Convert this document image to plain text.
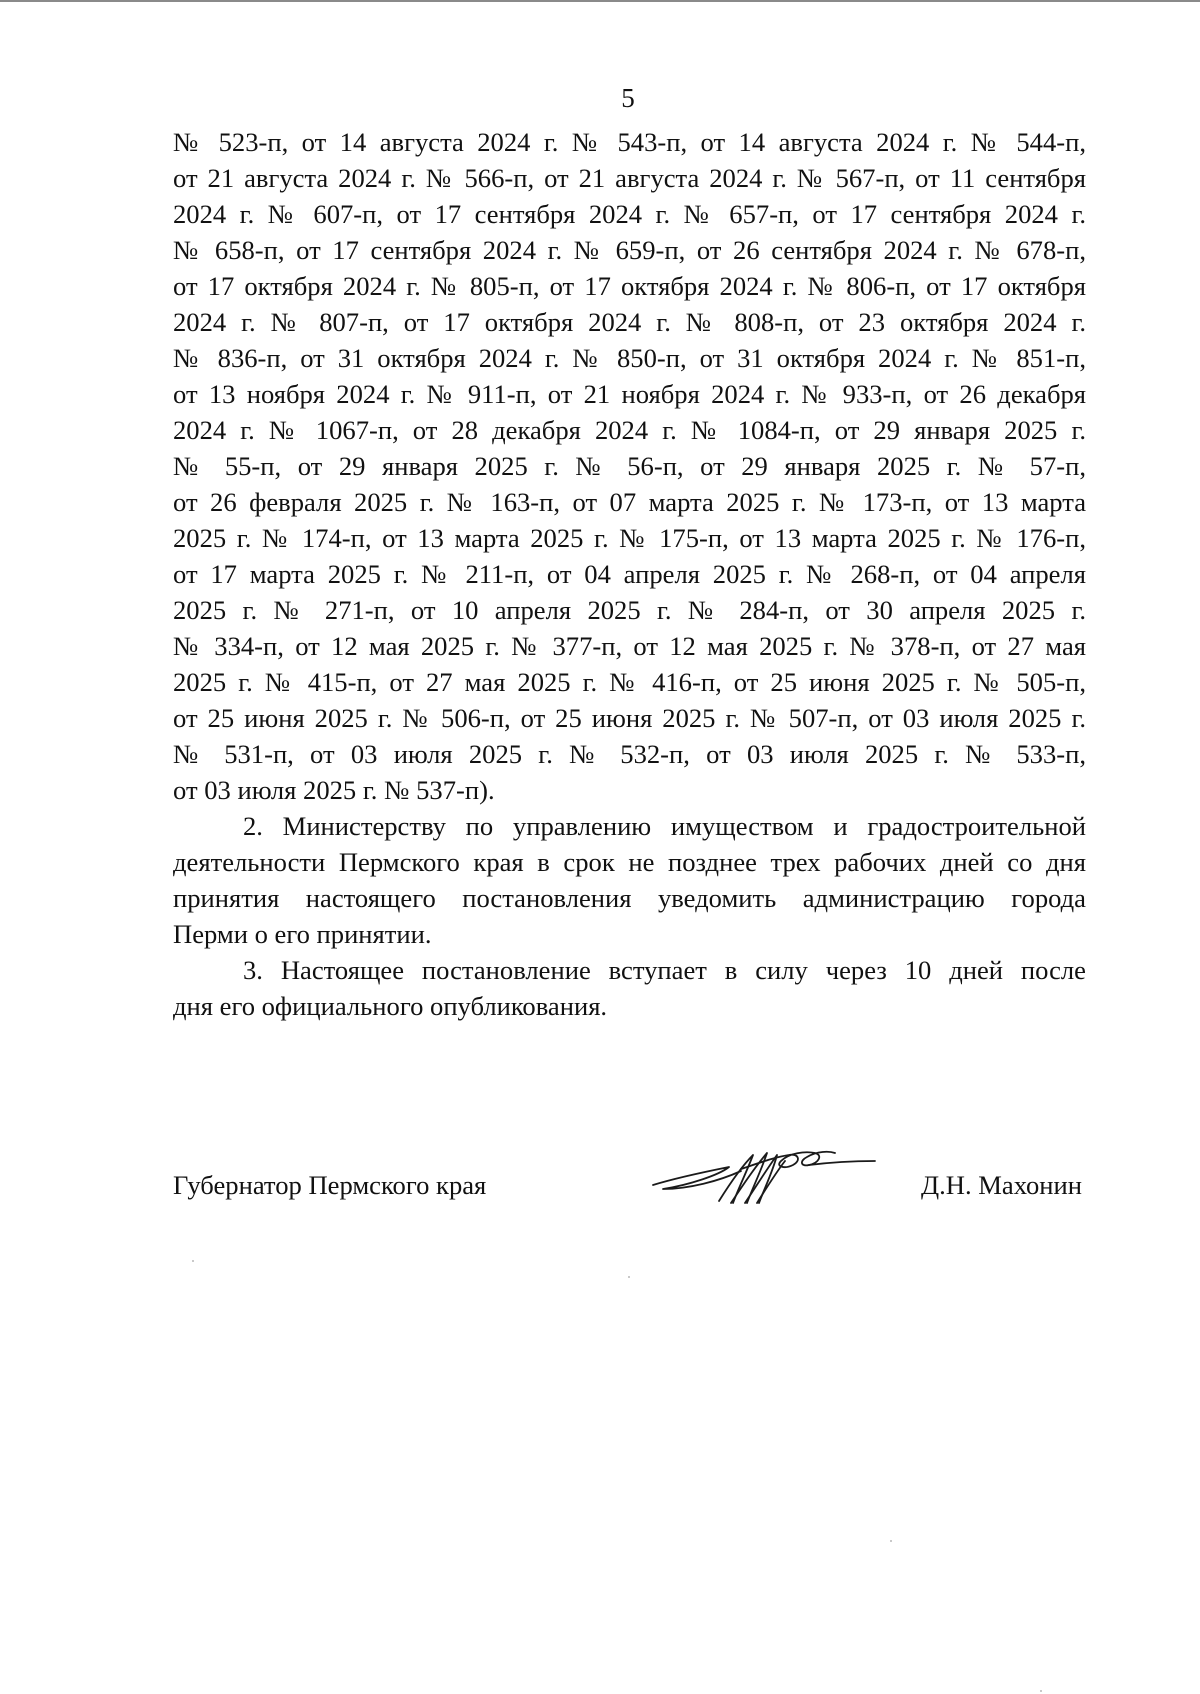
5
№ 523-п, от 14 августа 2024 г. № 543-п, от 14 августа 2024 г. № 544-п,
от 21 августа 2024 г. № 566-п, от 21 августа 2024 г. № 567-п, от 11 сентября
2024 г. № 607-п, от 17 сентября 2024 г. № 657-п, от 17 сентября 2024 г.
№ 658-п, от 17 сентября 2024 г. № 659-п, от 26 сентября 2024 г. № 678-п,
от 17 октября 2024 г. № 805-п, от 17 октября 2024 г. № 806-п, от 17 октября
2024 г. № 807-п, от 17 октября 2024 г. № 808-п, от 23 октября 2024 г.
№ 836-п, от 31 октября 2024 г. № 850-п, от 31 октября 2024 г. № 851-п,
от 13 ноября 2024 г. № 911-п, от 21 ноября 2024 г. № 933-п, от 26 декабря
2024 г. № 1067-п, от 28 декабря 2024 г. № 1084-п, от 29 января 2025 г.
№ 55-п, от 29 января 2025 г. № 56-п, от 29 января 2025 г. № 57-п,
от 26 февраля 2025 г. № 163-п, от 07 марта 2025 г. № 173-п, от 13 марта
2025 г. № 174-п, от 13 марта 2025 г. № 175-п, от 13 марта 2025 г. № 176-п,
от 17 марта 2025 г. № 211-п, от 04 апреля 2025 г. № 268-п, от 04 апреля
2025 г. № 271-п, от 10 апреля 2025 г. № 284-п, от 30 апреля 2025 г.
№ 334-п, от 12 мая 2025 г. № 377-п, от 12 мая 2025 г. № 378-п, от 27 мая
2025 г. № 415-п, от 27 мая 2025 г. № 416-п, от 25 июня 2025 г. № 505-п,
от 25 июня 2025 г. № 506-п, от 25 июня 2025 г. № 507-п, от 03 июля 2025 г.
№ 531-п, от 03 июля 2025 г. № 532-п, от 03 июля 2025 г. № 533-п,
от 03 июля 2025 г. № 537-п).
2. Министерству по управлению имуществом и градостроительной
деятельности Пермского края в срок не позднее трех рабочих дней со дня
принятия настоящего постановления уведомить администрацию города
Перми о его принятии.
3. Настоящее постановление вступает в силу через 10 дней после
дня его официального опубликования.
Губернатор Пермского края	Д.Н. Махонин
